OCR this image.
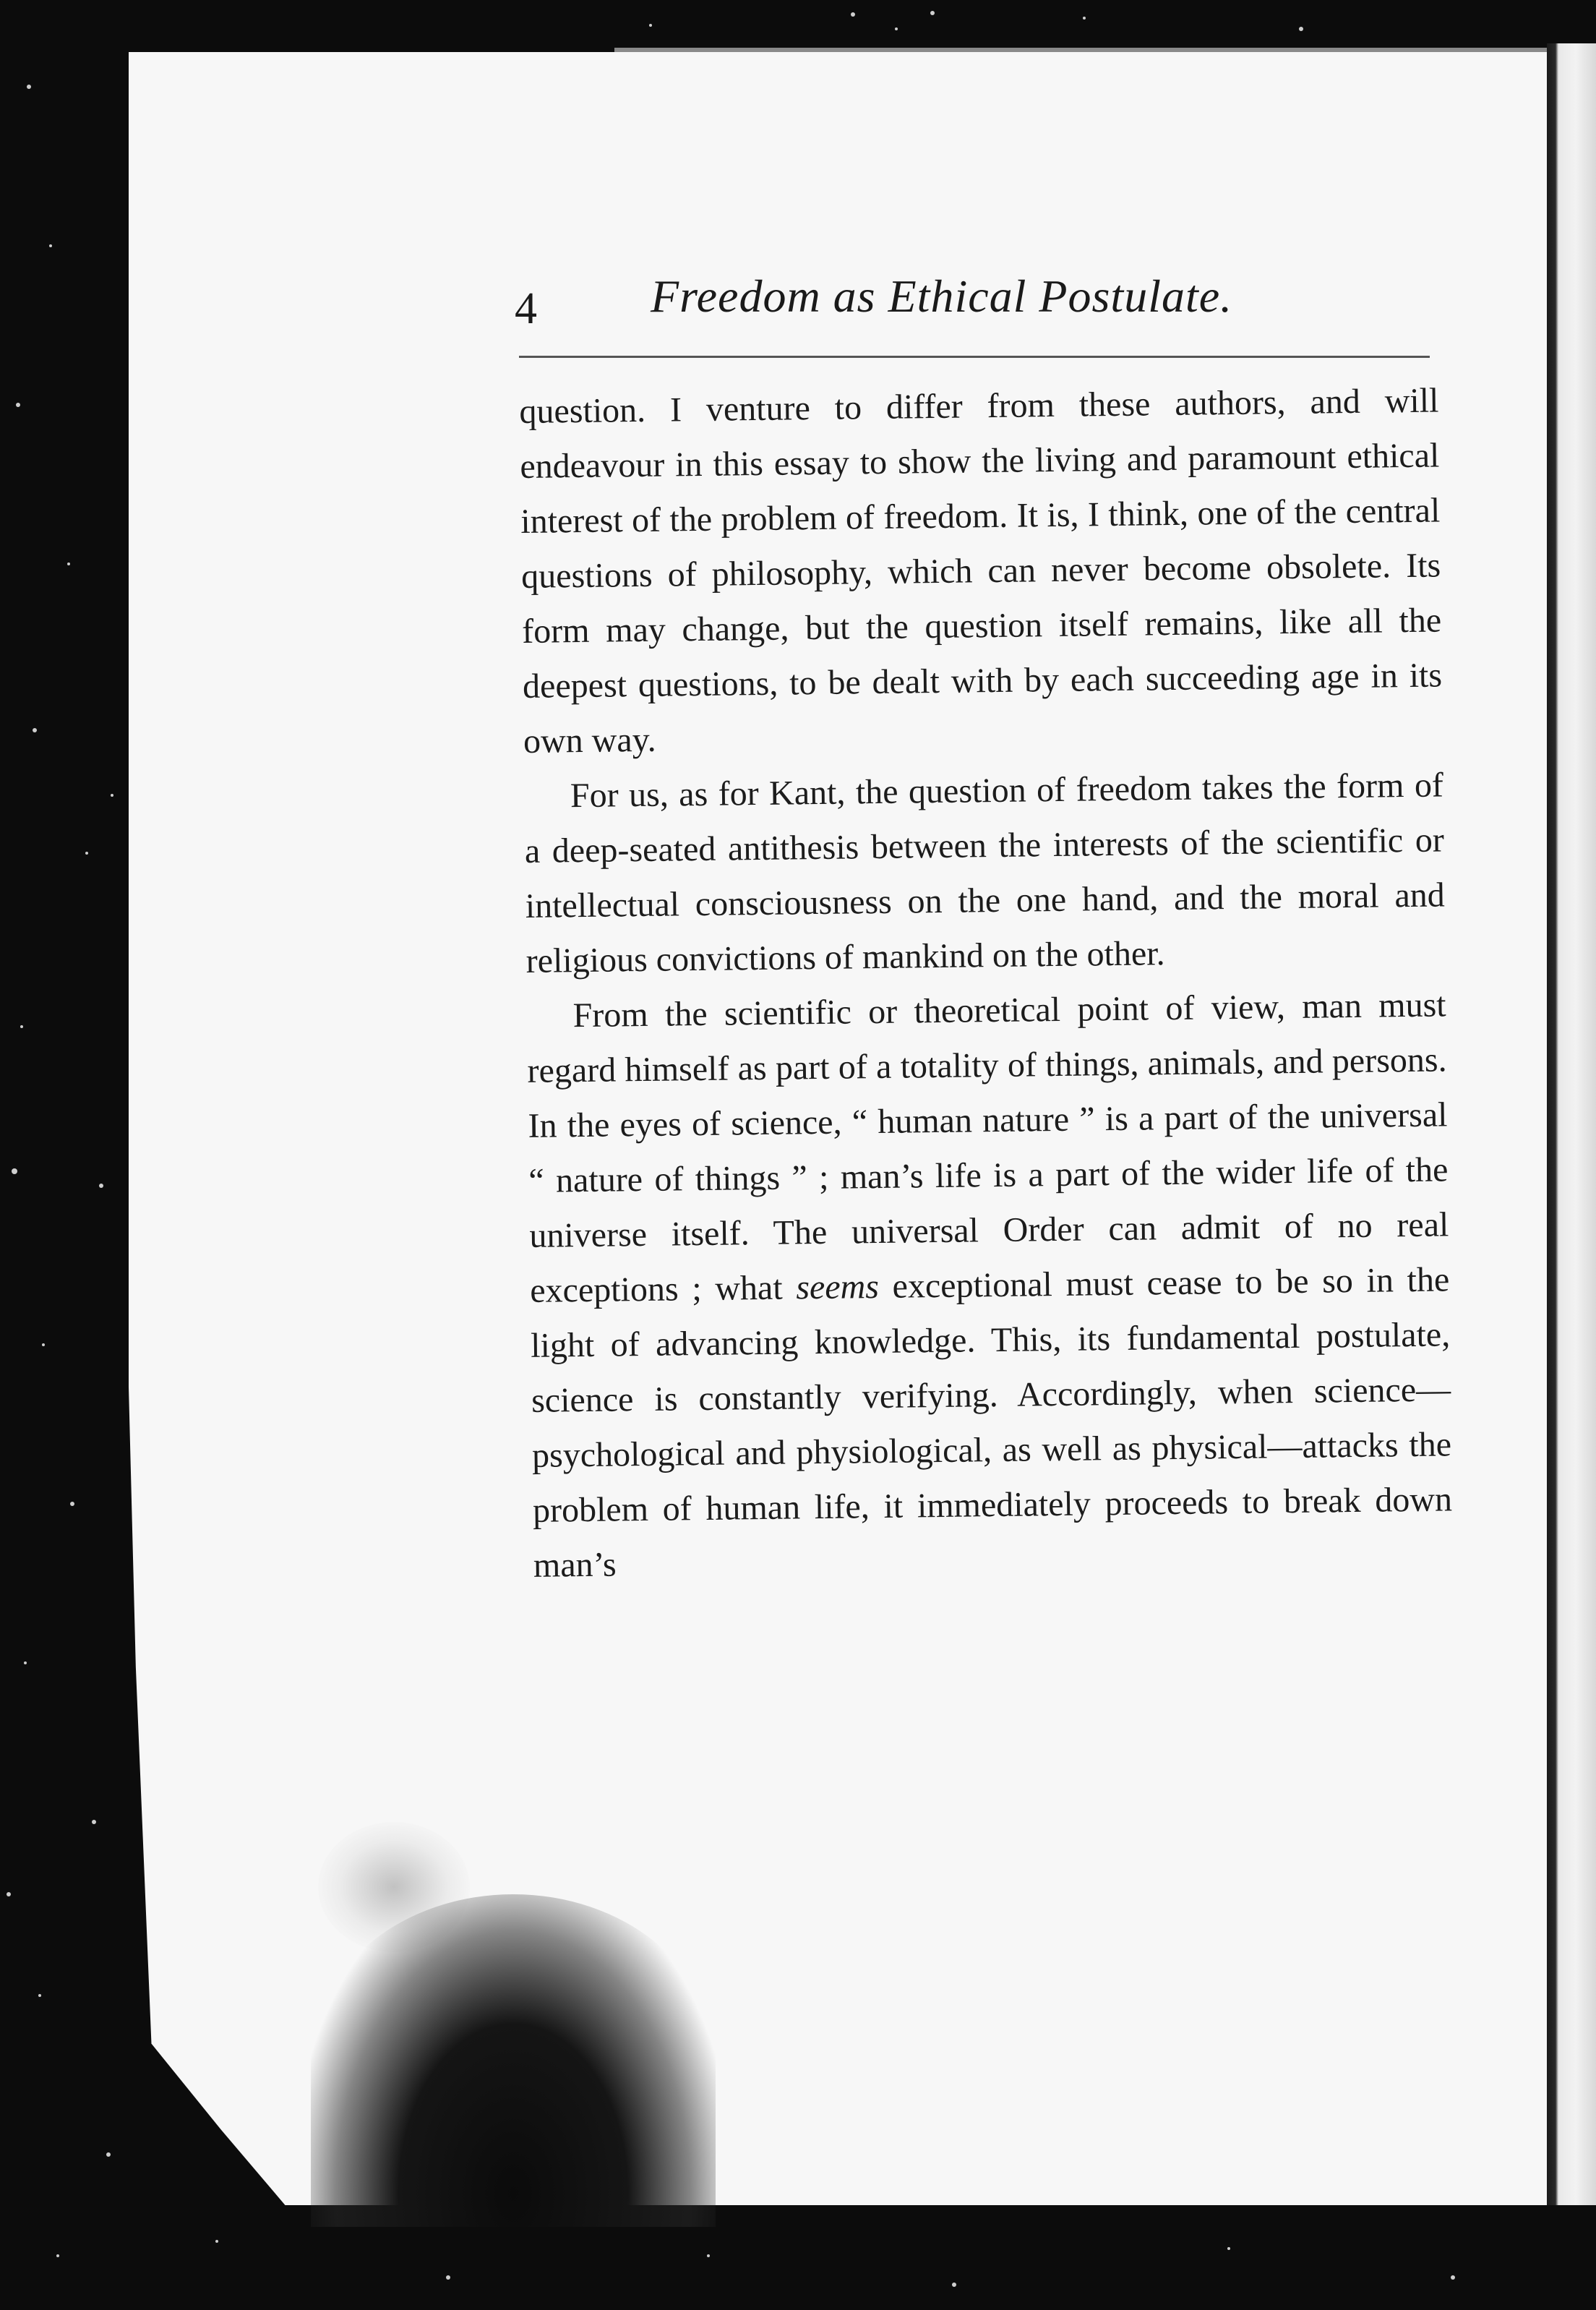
4 Freedom as Ethical Postulate.

question. I venture to differ from these authors, and will endeavour in this essay to show the living and paramount ethical interest of the problem of freedom. It is, I think, one of the central questions of philosophy, which can never become obsolete. Its form may change, but the question itself remains, like all the deepest questions, to be dealt with by each succeeding age in its own way.

For us, as for Kant, the question of freedom takes the form of a deep-seated antithesis between the interests of the scientific or intellectual consciousness on the one hand, and the moral and religious convictions of mankind on the other.

From the scientific or theoretical point of view, man must regard himself as part of a totality of things, animals, and persons. In the eyes of science, “ human nature ” is a part of the universal “ nature of things ” ; man’s life is a part of the wider life of the universe itself. The universal Order can admit of no real exceptions ; what seems exceptional must cease to be so in the light of advancing knowledge. This, its fundamental postulate, science is constantly verifying. Accordingly, when science—psychological and physiological, as well as physical—attacks the problem of human life, it immediately proceeds to break down man’s
